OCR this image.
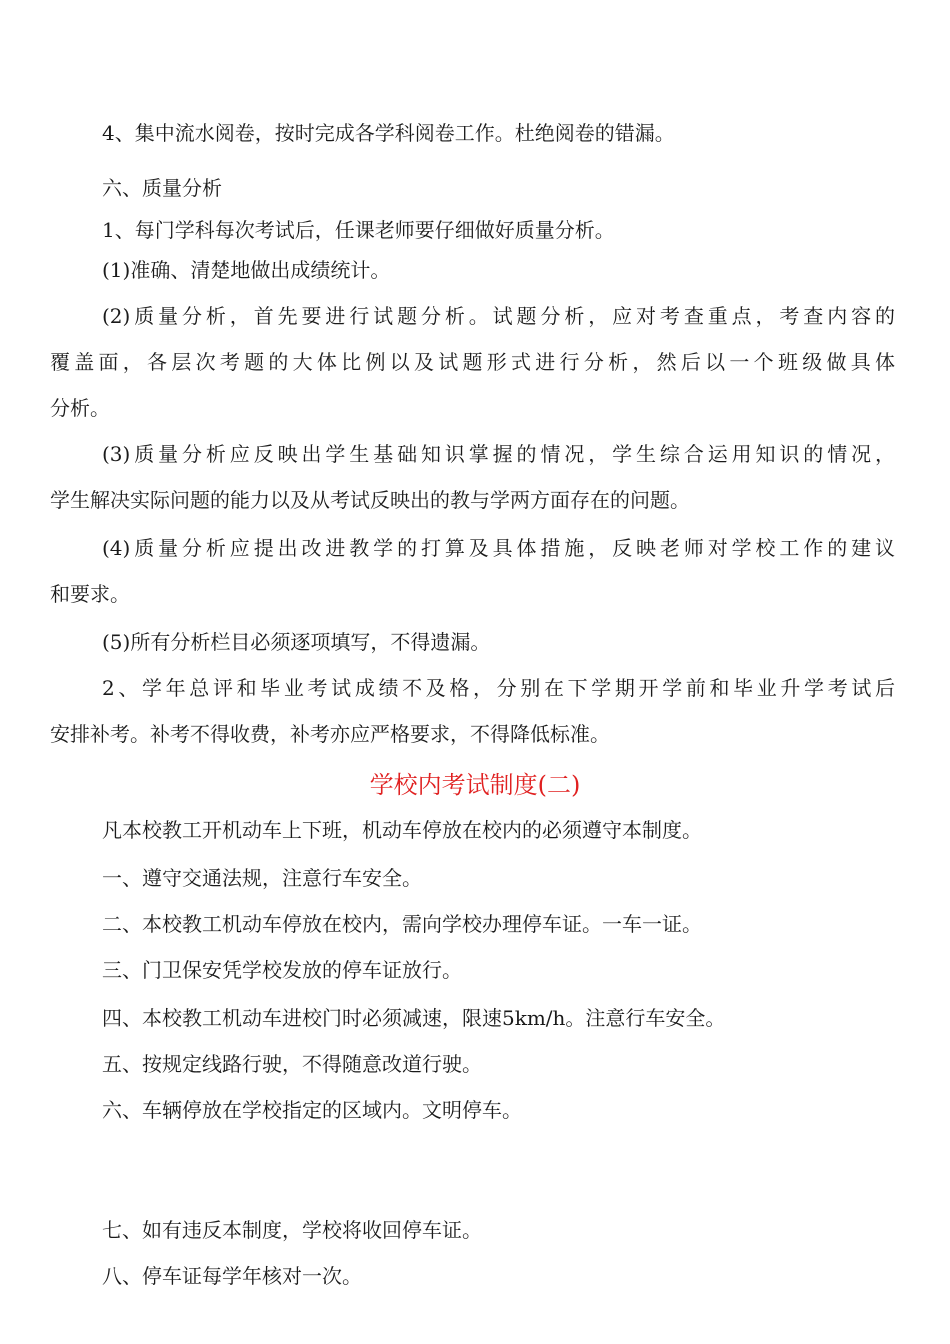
4、集中流水阅卷，按时完成各学科阅卷工作。杜绝阅卷的错漏。

六、质量分析

1、每门学科每次考试后，任课老师要仔细做好质量分析。

(1)准确、清楚地做出成绩统计。

(2)质量分析，首先要进行试题分析。试题分析，应对考查重点，考查内容的

覆盖面，各层次考题的大体比例以及试题形式进行分析，然后以一个班级做具体

分析。

(3)质量分析应反映出学生基础知识掌握的情况，学生综合运用知识的情况，

学生解决实际问题的能力以及从考试反映出的教与学两方面存在的问题。

(4)质量分析应提出改进教学的打算及具体措施，反映老师对学校工作的建议

和要求。

(5)所有分析栏目必须逐项填写，不得遗漏。

2、学年总评和毕业考试成绩不及格，分别在下学期开学前和毕业升学考试后

安排补考。补考不得收费，补考亦应严格要求，不得降低标准。

学校内考试制度(二)

凡本校教工开机动车上下班，机动车停放在校内的必须遵守本制度。

一、遵守交通法规，注意行车安全。

二、本校教工机动车停放在校内，需向学校办理停车证。一车一证。

三、门卫保安凭学校发放的停车证放行。

四、本校教工机动车进校门时必须减速，限速5km/h。注意行车安全。

五、按规定线路行驶，不得随意改道行驶。

六、车辆停放在学校指定的区域内。文明停车。

七、如有违反本制度，学校将收回停车证。

八、停车证每学年核对一次。
